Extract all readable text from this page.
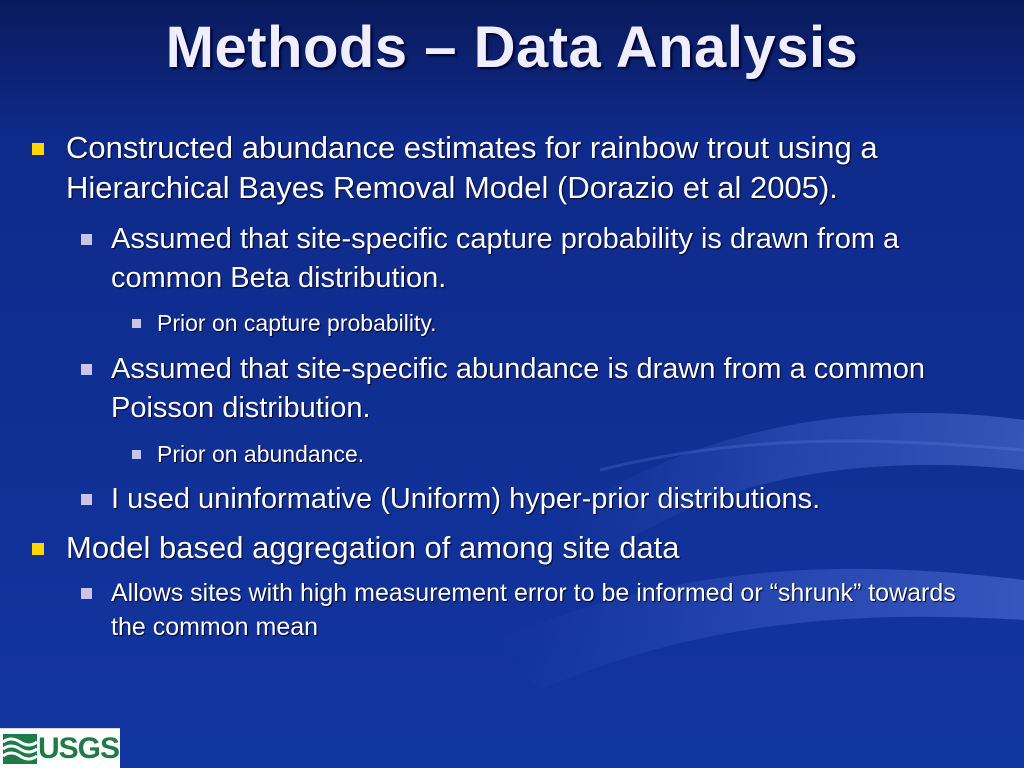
Methods – Data Analysis
Constructed abundance estimates for rainbow trout using a Hierarchical Bayes Removal Model (Dorazio et al 2005).
Assumed that site-specific capture probability is drawn from a common Beta distribution.
Prior on capture probability.
Assumed that site-specific abundance is drawn from a common Poisson distribution.
Prior on abundance.
I used uninformative (Uniform) hyper-prior distributions.
Model based aggregation of among site data
Allows sites with high measurement error to be informed or “shrunk” towards the common mean
USGS
